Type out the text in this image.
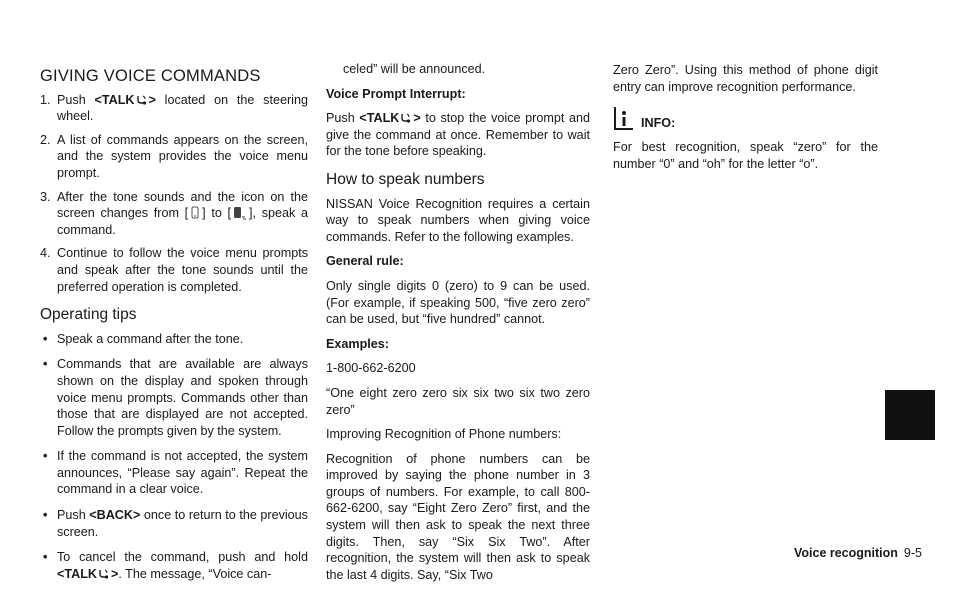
GIVING VOICE COMMANDS
1. Push <TALK > located on the steering wheel.
2. A list of commands appears on the screen, and the system provides the voice menu prompt.
3. After the tone sounds and the icon on the screen changes from [ ] to [ ], speak a command.
4. Continue to follow the voice menu prompts and speak after the tone sounds until the preferred operation is completed.
Operating tips
• Speak a command after the tone.
• Commands that are available are always shown on the display and spoken through voice menu prompts. Commands other than those that are displayed are not accepted. Follow the prompts given by the system.
• If the command is not accepted, the system announces, “Please say again”. Repeat the command in a clear voice.
• Push <BACK> once to return to the previous screen.
• To cancel the command, push and hold <TALK >. The message, “Voice can-
celed” will be announced.

Voice Prompt Interrupt:

Push <TALK > to stop the voice prompt and give the command at once. Remember to wait for the tone before speaking.

How to speak numbers

NISSAN Voice Recognition requires a certain way to speak numbers when giving voice commands. Refer to the following examples.

General rule:

Only single digits 0 (zero) to 9 can be used. (For example, if speaking 500, “five zero zero” can be used, but “five hundred” cannot.

Examples:

1-800-662-6200

“One eight zero zero six six two six two zero zero”

Improving Recognition of Phone numbers:

Recognition of phone numbers can be improved by saying the phone number in 3 groups of numbers. For example, to call 800-662-6200, say “Eight Zero Zero” first, and the system will then ask to speak the next three digits. Then, say “Six Six Two”. After recognition, the system will then ask to speak the last 4 digits. Say, “Six Two

Zero Zero”. Using this method of phone digit entry can improve recognition performance.

INFO:

For best recognition, speak “zero” for the number “0” and “oh” for the letter “o”.

Voice recognition 9-5
